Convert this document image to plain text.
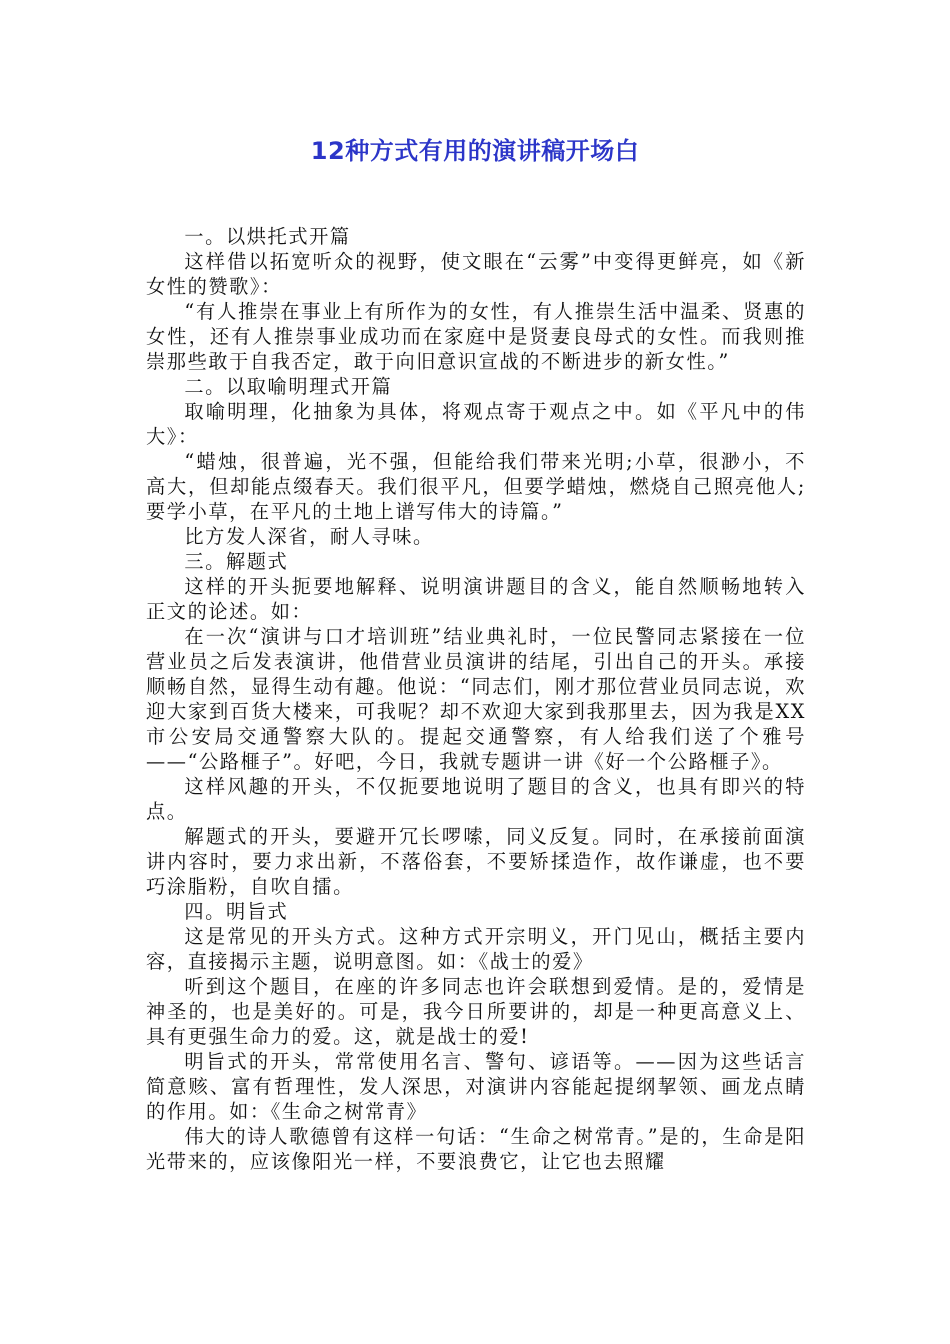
12种方式有用的演讲稿开场白

一。以烘托式开篇

这样借以拓宽听众的视野，使文眼在“云雾”中变得更鲜亮，如《新女性的赞歌》：

“有人推崇在事业上有所作为的女性，有人推崇生活中温柔、贤惠的女性，还有人推崇事业成功而在家庭中是贤妻良母式的女性。而我则推崇那些敢于自我否定，敢于向旧意识宣战的不断进步的新女性。”

二。以取喻明理式开篇

取喻明理，化抽象为具体，将观点寄于观点之中。如《平凡中的伟大》：

“蜡烛，很普遍，光不强，但能给我们带来光明;小草，很渺小，不高大，但却能点缀春天。我们很平凡，但要学蜡烛，燃烧自己照亮他人;要学小草，在平凡的土地上谱写伟大的诗篇。”

比方发人深省，耐人寻味。

三。解题式

这样的开头扼要地解释、说明演讲题目的含义，能自然顺畅地转入正文的论述。如：

在一次“演讲与口才培训班”结业典礼时，一位民警同志紧接在一位营业员之后发表演讲，他借营业员演讲的结尾，引出自己的开头。承接顺畅自然，显得生动有趣。他说：“同志们，刚才那位营业员同志说，欢迎大家到百货大楼来，可我呢？却不欢迎大家到我那里去，因为我是XX市公安局交通警察大队的。提起交通警察，有人给我们送了个雅号——“公路榧子”。好吧，今日，我就专题讲一讲《好一个公路榧子》。

这样风趣的开头，不仅扼要地说明了题目的含义，也具有即兴的特点。

解题式的开头，要避开冗长啰嗦，同义反复。同时，在承接前面演讲内容时，要力求出新，不落俗套，不要矫揉造作，故作谦虚，也不要巧涂脂粉，自吹自擂。

四。明旨式

这是常见的开头方式。这种方式开宗明义，开门见山，概括主要内容，直接揭示主题，说明意图。如：《战士的爱》

听到这个题目，在座的许多同志也许会联想到爱情。是的，爱情是神圣的，也是美好的。可是，我今日所要讲的，却是一种更高意义上、具有更强生命力的爱。这，就是战士的爱!

明旨式的开头，常常使用名言、警句、谚语等。——因为这些话言简意赅、富有哲理性，发人深思，对演讲内容能起提纲挈领、画龙点睛的作用。如：《生命之树常青》

伟大的诗人歌德曾有这样一句话：“生命之树常青。”是的，生命是阳光带来的，应该像阳光一样，不要浪费它，让它也去照耀
